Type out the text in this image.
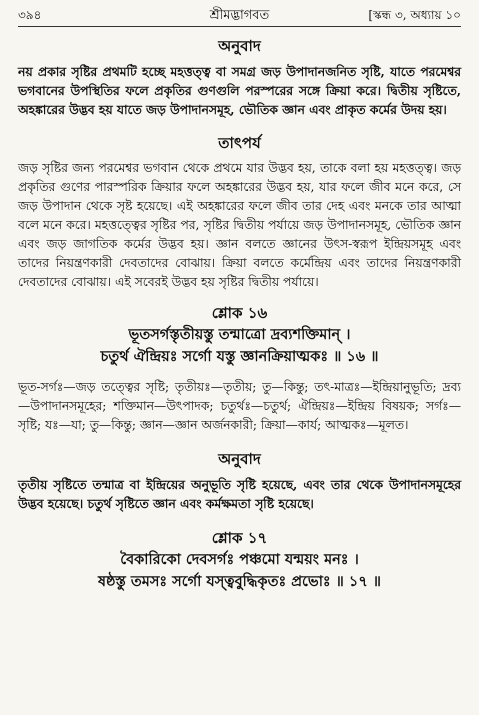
৩৯৪	শ্রীমদ্ভাগবত	[স্কন্ধ ৩, অধ্যায় ১০
অনুবাদ

নয় প্রকার সৃষ্টির প্রথমটি হচ্ছে মহত্তত্ত্ব বা সমগ্র জড় উপাদানজনিত সৃষ্টি, যাতে পরমেশ্বর ভগবানের উপস্থিতির ফলে প্রকৃতির গুণগুলি পরস্পরের সঙ্গে ক্রিয়া করে। দ্বিতীয় সৃষ্টিতে, অহঙ্কারের উদ্ভব হয় যাতে জড় উপাদানসমূহ, ভৌতিক জ্ঞান এবং প্রাকৃত কর্মের উদয় হয়।

তাৎপর্য

জড় সৃষ্টির জন্য পরমেশ্বর ভগবান থেকে প্রথমে যার উদ্ভব হয়, তাকে বলা হয় মহত্তত্ত্ব। জড় প্রকৃতির গুণের পারস্পরিক ক্রিয়ার ফলে অহঙ্কারের উদ্ভব হয়, যার ফলে জীব মনে করে, সে জড় উপাদান থেকে সৃষ্ট হয়েছে। এই অহঙ্কারের ফলে জীব তার দেহ এবং মনকে তার আত্মা বলে মনে করে। মহত্তত্ত্বের সৃষ্টির পর, সৃষ্টির দ্বিতীয় পর্যায়ে জড় উপাদানসমূহ, ভৌতিক জ্ঞান এবং জড় জাগতিক কর্মের উদ্ভব হয়। জ্ঞান বলতে জ্ঞানের উৎস-স্বরূপ ইন্দ্রিয়সমূহ এবং তাদের নিয়ন্ত্রণকারী দেবতাদের বোঝায়। ক্রিয়া বলতে কর্মেন্দ্রিয় এবং তাদের নিয়ন্ত্রণকারী দেবতাদের বোঝায়। এই সবেরই উদ্ভব হয় সৃষ্টির দ্বিতীয় পর্যায়ে।

শ্লোক ১৬
ভূতসর্গস্তৃতীয়স্তু তন্মাত্রো দ্রব্যশক্তিমান্ ।
চতুর্থ ঐন্দ্রিয়ঃ সর্গো যস্তু জ্ঞানক্রিয়াত্মকঃ ॥ ১৬ ॥

ভূত-সর্গঃ—জড় তত্ত্বের সৃষ্টি; তৃতীয়ঃ—তৃতীয়; তু—কিন্তু; তৎ-মাত্রঃ—ইন্দ্রিয়ানুভূতি; দ্রব্য—উপাদানসমূহের; শক্তিমান—উৎপাদক; চতুর্থঃ—চতুর্থ; ঐন্দ্রিয়ঃ—ইন্দ্রিয় বিষয়ক; সর্গঃ—সৃষ্টি; যঃ—যা; তু—কিন্তু; জ্ঞান—জ্ঞান অর্জনকারী; ক্রিয়া—কার্য; আত্মকঃ—মূলত।

অনুবাদ

তৃতীয় সৃষ্টিতে তন্মাত্র বা ইন্দ্রিয়ের অনুভূতি সৃষ্টি হয়েছে, এবং তার থেকে উপাদানসমূহের উদ্ভব হয়েছে। চতুর্থ সৃষ্টিতে জ্ঞান এবং কর্মক্ষমতা সৃষ্টি হয়েছে।

শ্লোক ১৭
বৈকারিকো দেবসর্গঃ পঞ্চমো যন্ময়ং মনঃ ।
ষষ্ঠস্তু তমসঃ সর্গো যস্ত্ববুদ্ধিকৃতঃ প্রভোঃ ॥ ১৭ ॥
